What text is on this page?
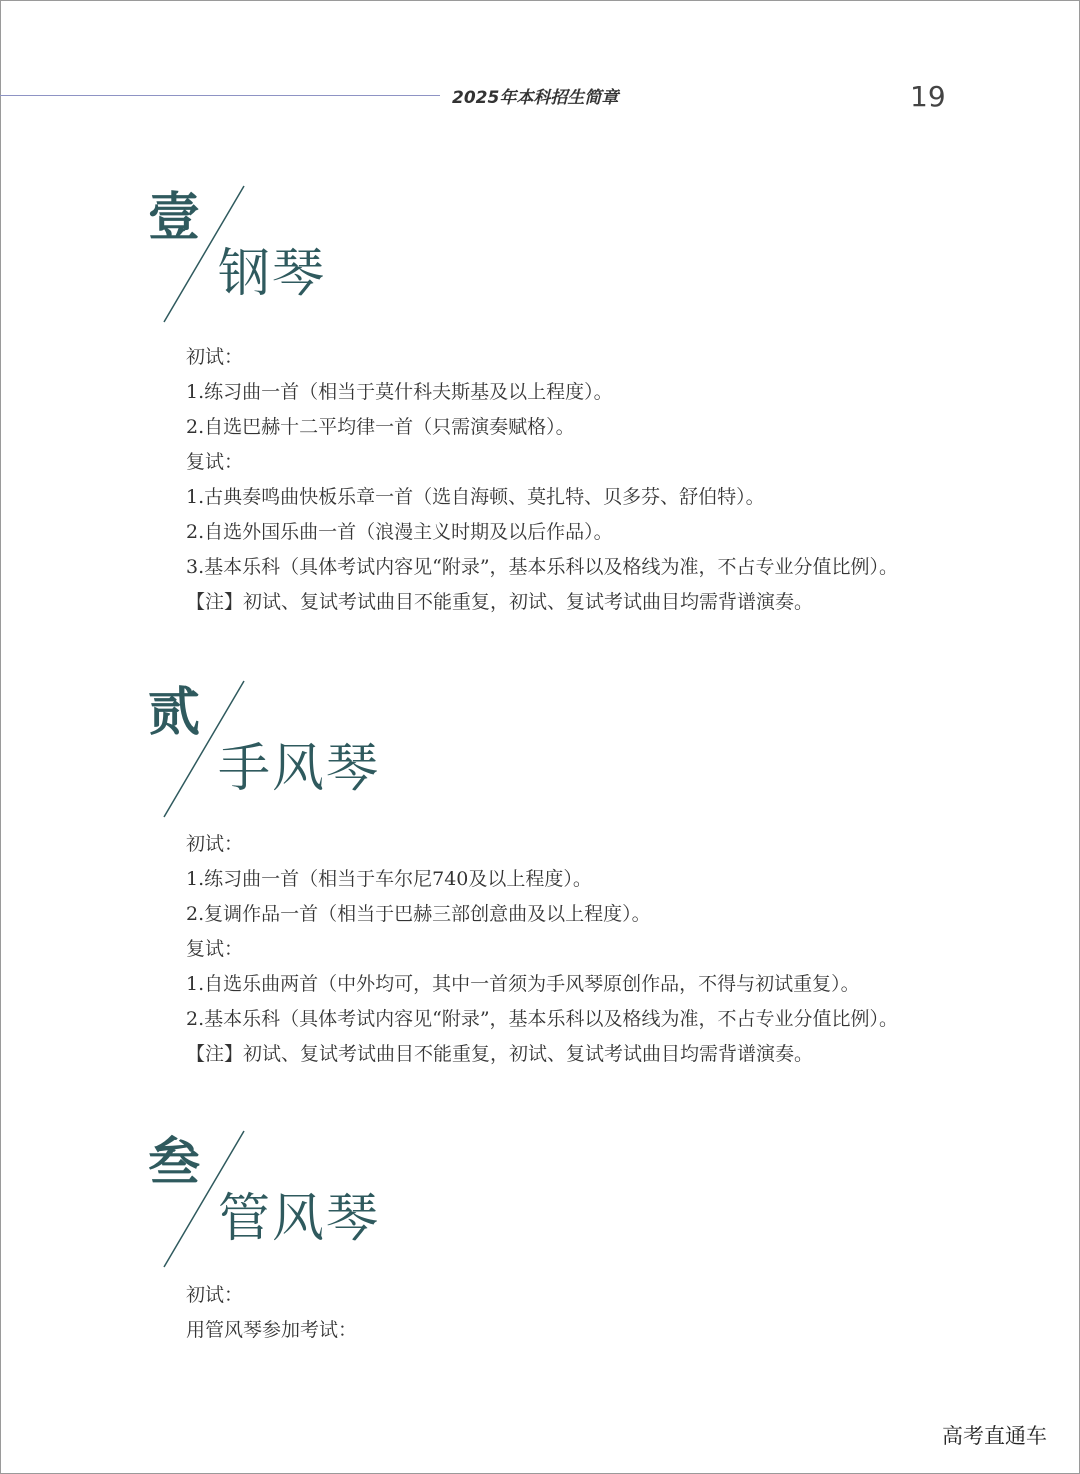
2025年本科招生简章	19
壹
钢琴

初试：

1.练习曲一首（相当于莫什科夫斯基及以上程度）。

2.自选巴赫十二平均律一首（只需演奏赋格）。

复试：

1.古典奏鸣曲快板乐章一首（选自海顿、莫扎特、贝多芬、舒伯特）。

2.自选外国乐曲一首（浪漫主义时期及以后作品）。

3.基本乐科（具体考试内容见“附录”，基本乐科以及格线为准，不占专业分值比例）。

【注】初试、复试考试曲目不能重复，初试、复试考试曲目均需背谱演奏。

贰
手风琴

初试：

1.练习曲一首（相当于车尔尼740及以上程度）。

2.复调作品一首（相当于巴赫三部创意曲及以上程度）。

复试：

1.自选乐曲两首（中外均可，其中一首须为手风琴原创作品，不得与初试重复）。

2.基本乐科（具体考试内容见“附录”，基本乐科以及格线为准，不占专业分值比例）。

【注】初试、复试考试曲目不能重复，初试、复试考试曲目均需背谱演奏。

叁
管风琴

初试：

用管风琴参加考试：

高考直通车
